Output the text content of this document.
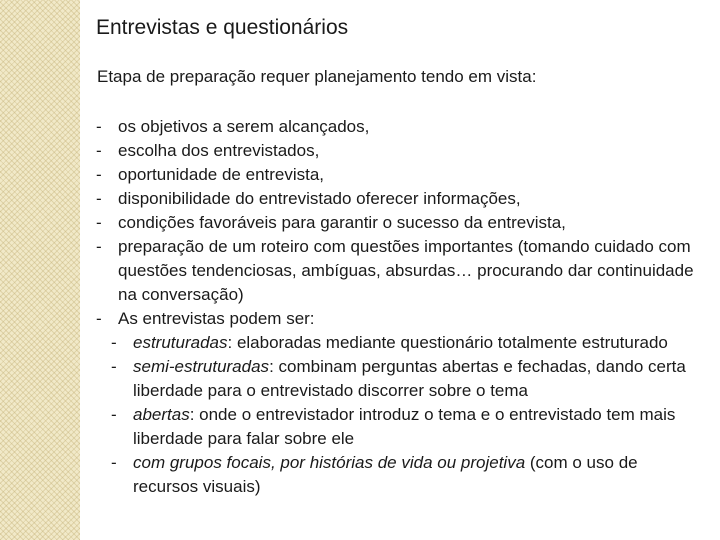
Entrevistas e questionários

Etapa de preparação requer planejamento tendo em vista:

- os objetivos a serem alcançados,
- escolha dos entrevistados,
- oportunidade de entrevista,
- disponibilidade do entrevistado oferecer informações,
- condições favoráveis para garantir o sucesso da entrevista,
- preparação de um roteiro com questões importantes (tomando cuidado com questões tendenciosas, ambíguas, absurdas… procurando dar continuidade na conversação)
- As entrevistas podem ser:
- estruturadas: elaboradas mediante questionário totalmente estruturado
- semi-estruturadas: combinam perguntas abertas e fechadas, dando certa liberdade para o entrevistado discorrer sobre o tema
- abertas: onde o entrevistador introduz o tema e o entrevistado tem mais liberdade para falar sobre ele
- com grupos focais, por histórias de vida ou projetiva (com o uso de recursos visuais)
